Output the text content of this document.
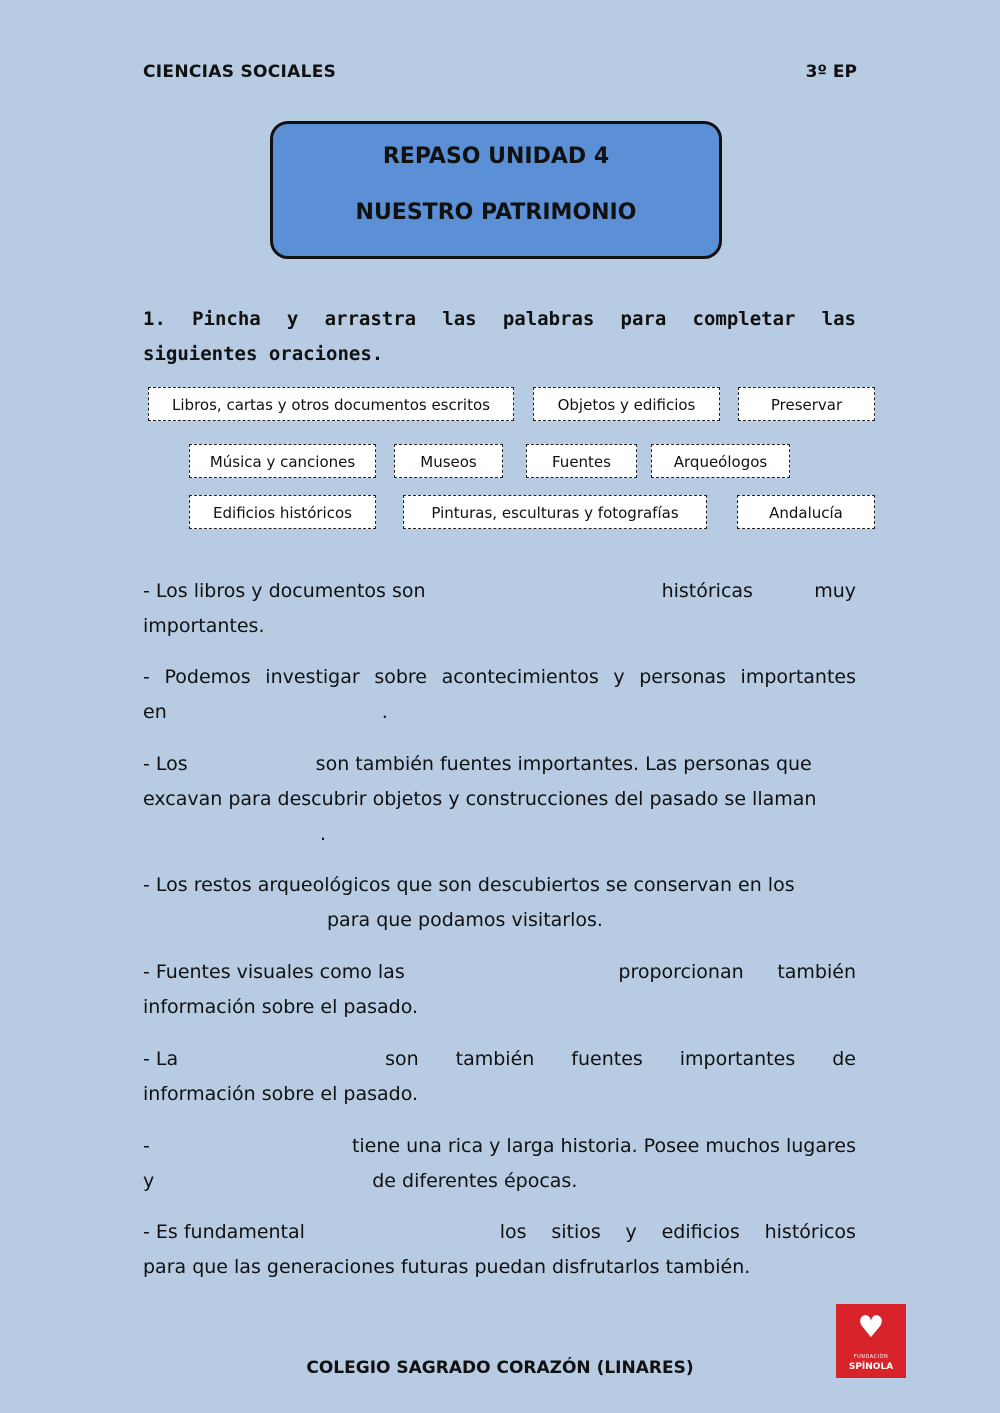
CIENCIAS SOCIALES	3º EP
REPASO UNIDAD 4
NUESTRO PATRIMONIO
1. Pincha y arrastra las palabras para completar las siguientes oraciones.
Libros, cartas y otros documentos escritos	Objetos y edificios	Preservar
Música y canciones	Museos	Fuentes	Arqueólogos
Edificios históricos	Pinturas, esculturas y fotografías	Andalucía
- Los libros y documentos son	históricas	muy
importantes.
- Podemos investigar sobre acontecimientos y personas importantes
en	.
- Los	son también fuentes importantes. Las personas que
excavan para descubrir objetos y construcciones del pasado se llaman
.
- Los restos arqueológicos que son descubiertos se conservan en los
para que podamos visitarlos.
- Fuentes visuales como las	proporcionan también
información sobre el pasado.
- La	son también fuentes importantes de
información sobre el pasado.
-	tiene una rica y larga historia. Posee muchos lugares
y	de diferentes épocas.
- Es fundamental	los sitios y edificios históricos
para que las generaciones futuras puedan disfrutarlos también.
COLEGIO SAGRADO CORAZÓN (LINARES)
♥
FUNDACIÓN
SPÍNOLA
